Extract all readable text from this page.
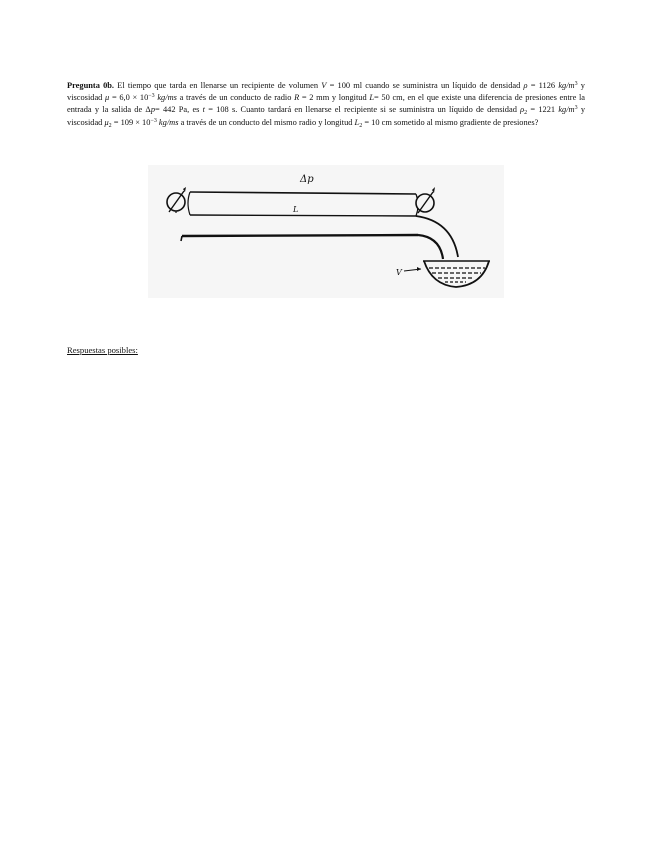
Pregunta 0b. El tiempo que tarda en llenarse un recipiente de volumen V = 100 ml cuando se suministra un líquido de densidad ρ = 1126 $kg/m^3$ y viscosidad $\mu = 6,0 \times 10^{-3}$ kg/ms a través de un conducto de radio R = 2 mm y longitud L= 50 cm, en el que existe una diferencia de presiones entre la entrada y la salida de Δp= 442 Pa, es t = 108 s. Cuanto tardará en llenarse el recipiente si se suministra un líquido de densidad $\rho_2 = 1221$ $kg/m^3$ y viscosidad $\mu_2 = 109 \times 10^{-3}$ kg/ms a través de un conducto del mismo radio y longitud $L_2 = 10$ cm sometido al mismo gradiente de presiones?
Δp
L
V
Respuestas posibles:
